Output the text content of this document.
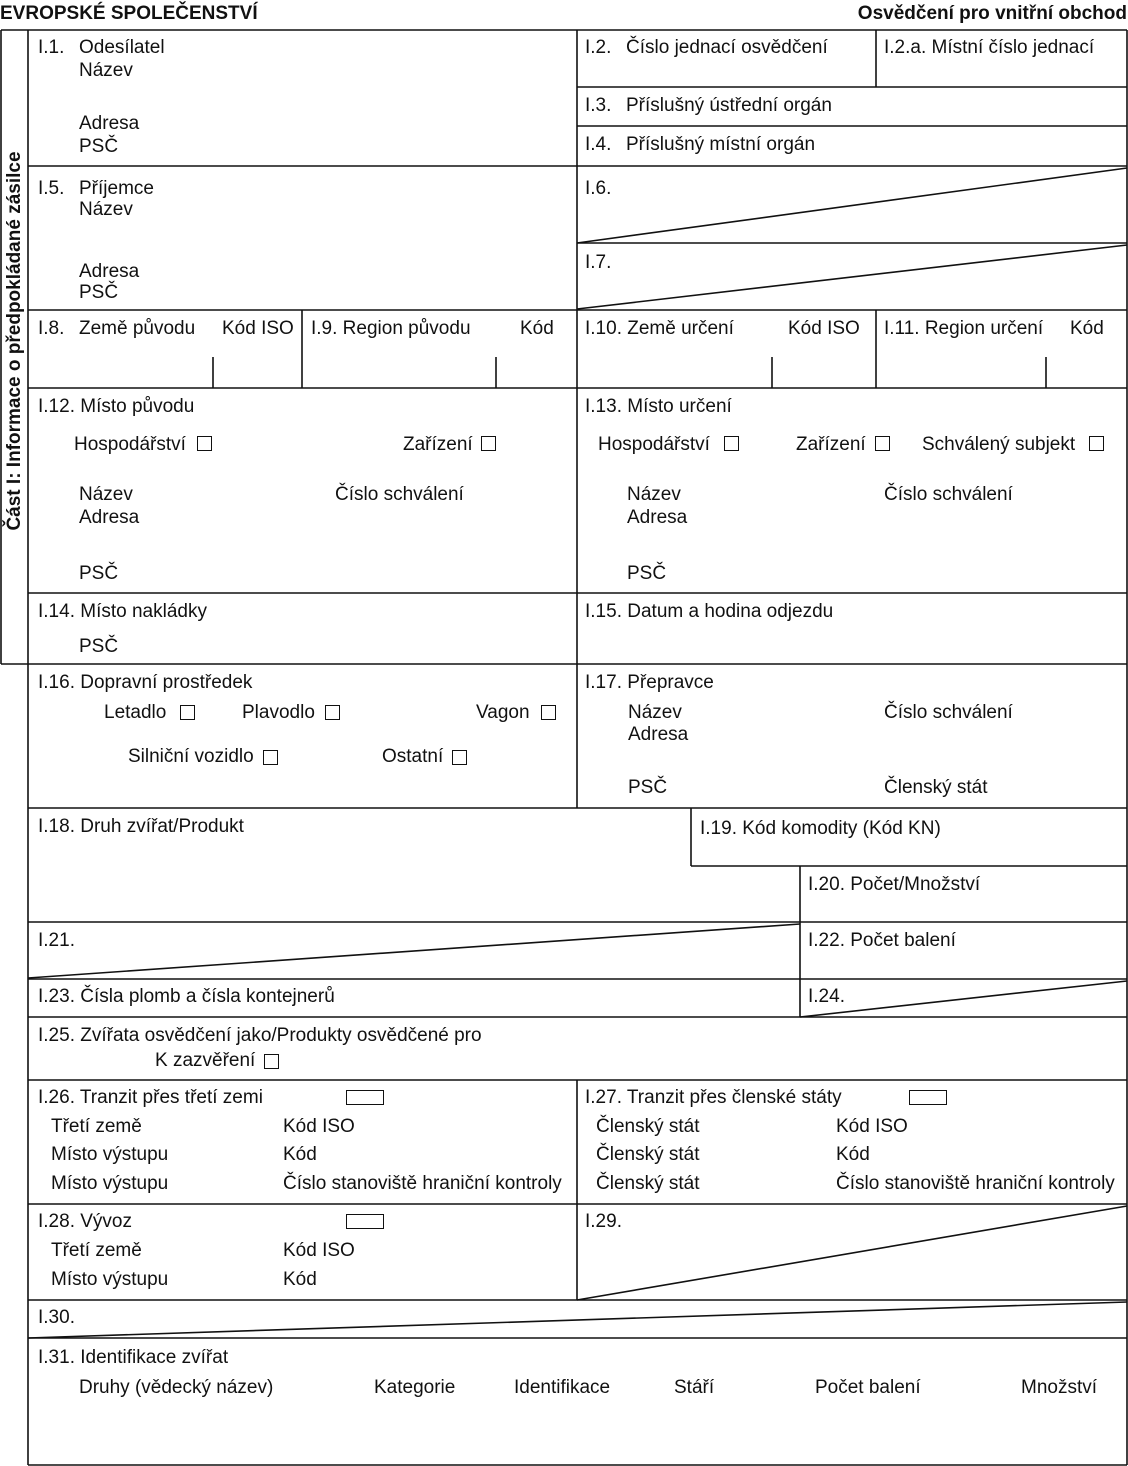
EVROPSKÉ SPOLEČENSTVÍ	Osvědčení pro vnitřní obchod
Část I: Informace o předpokládané zásilce
I.1. Odesílatel
Název
Adresa
PSČ
I.2. Číslo jednací osvědčení	I.2.a. Místní číslo jednací
I.3. Příslušný ústřední orgán
I.4. Příslušný místní orgán
I.5. Příjemce
Název
Adresa
PSČ
I.6.
I.7.
I.8. Země původu Kód ISO I.9. Region původu	Kód I.10. Země určení	Kód ISO I.11. Region určení Kód
I.12. Místo původu
Hospodářství	Zařízení
Název	Číslo schválení
Adresa
PSČ
I.13. Místo určení
Hospodářství	Zařízení	Schválený subjekt
Název	Číslo schválení
Adresa
PSČ
I.14. Místo nakládky
PSČ
I.15. Datum a hodina odjezdu
I.16. Dopravní prostředek
Letadlo	Plavodlo	Vagon
Silniční vozidlo	Ostatní
I.17. Přepravce
Název	Číslo schválení
Adresa
PSČ	Členský stát
I.18. Druh zvířat/Produkt	I.19. Kód komodity (Kód KN)
I.20. Počet/Množství
I.21.	I.22. Počet balení
I.23. Čísla plomb a čísla kontejnerů	I.24.
I.25. Zvířata osvědčení jako/Produkty osvědčené pro
K zazvěření
I.26. Tranzit přes třetí zemi
Třetí země	Kód ISO
Místo výstupu	Kód
Místo výstupu	Číslo stanoviště hraniční kontroly
I.27. Tranzit přes členské státy
Členský stát	Kód ISO
Členský stát	Kód
Členský stát	Číslo stanoviště hraniční kontroly
I.28. Vývoz
Třetí země	Kód ISO
Místo výstupu	Kód
I.29.
I.30.
I.31. Identifikace zvířat
Druhy (vědecký název)	Kategorie	Identifikace	Stáří	Počet balení	Množství
